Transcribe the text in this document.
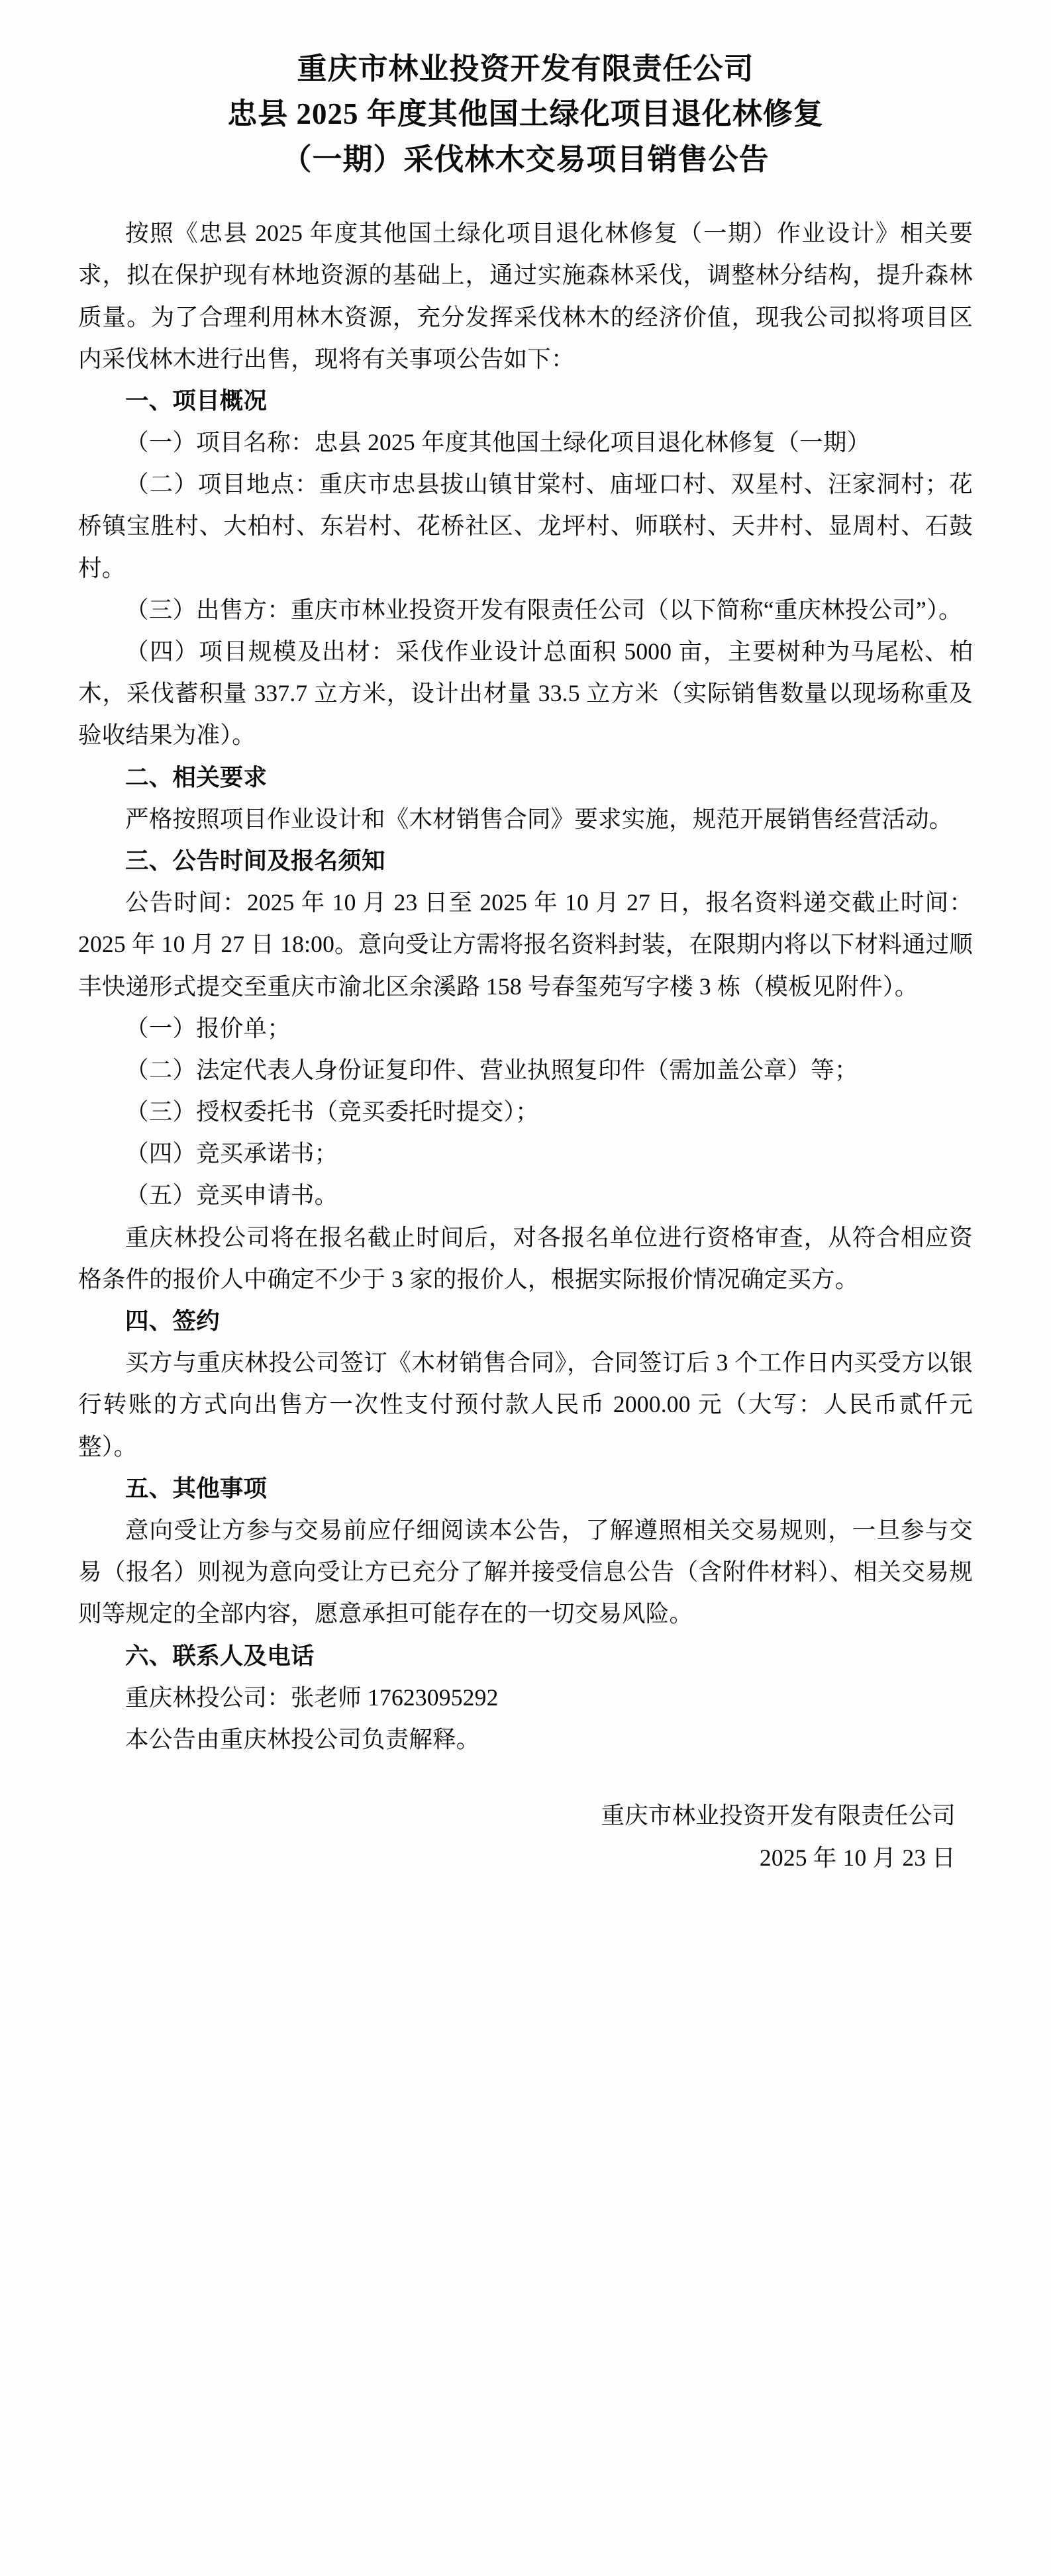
重庆市林业投资开发有限责任公司
忠县 2025 年度其他国土绿化项目退化林修复
（一期）采伐林木交易项目销售公告

按照《忠县 2025 年度其他国土绿化项目退化林修复（一期）作业设计》相关要求，拟在保护现有林地资源的基础上，通过实施森林采伐，调整林分结构，提升森林质量。为了合理利用林木资源，充分发挥采伐林木的经济价值，现我公司拟将项目区内采伐林木进行出售，现将有关事项公告如下：

一、项目概况

（一）项目名称：忠县 2025 年度其他国土绿化项目退化林修复（一期）

（二）项目地点：重庆市忠县拔山镇甘棠村、庙垭口村、双星村、汪家洞村；花桥镇宝胜村、大柏村、东岩村、花桥社区、龙坪村、师联村、天井村、显周村、石鼓村。

（三）出售方：重庆市林业投资开发有限责任公司（以下简称“重庆林投公司”）。

（四）项目规模及出材：采伐作业设计总面积 5000 亩，主要树种为马尾松、柏木，采伐蓄积量 337.7 立方米，设计出材量 33.5 立方米（实际销售数量以现场称重及验收结果为准）。

二、相关要求

严格按照项目作业设计和《木材销售合同》要求实施，规范开展销售经营活动。

三、公告时间及报名须知

公告时间：2025 年 10 月 23 日至 2025 年 10 月 27 日，报名资料递交截止时间：2025 年 10 月 27 日 18:00。意向受让方需将报名资料封装，在限期内将以下材料通过顺丰快递形式提交至重庆市渝北区余溪路 158 号春玺苑写字楼 3 栋（模板见附件）。

（一）报价单；

（二）法定代表人身份证复印件、营业执照复印件（需加盖公章）等；

（三）授权委托书（竞买委托时提交）；

（四）竞买承诺书；

（五）竞买申请书。

重庆林投公司将在报名截止时间后，对各报名单位进行资格审查，从符合相应资格条件的报价人中确定不少于 3 家的报价人，根据实际报价情况确定买方。

四、签约

买方与重庆林投公司签订《木材销售合同》，合同签订后 3 个工作日内买受方以银行转账的方式向出售方一次性支付预付款人民币 2000.00 元（大写：人民币贰仟元整）。

五、其他事项

意向受让方参与交易前应仔细阅读本公告，了解遵照相关交易规则，一旦参与交易（报名）则视为意向受让方已充分了解并接受信息公告（含附件材料）、相关交易规则等规定的全部内容，愿意承担可能存在的一切交易风险。

六、联系人及电话

重庆林投公司：张老师 17623095292

本公告由重庆林投公司负责解释。

重庆市林业投资开发有限责任公司
2025 年 10 月 23 日
